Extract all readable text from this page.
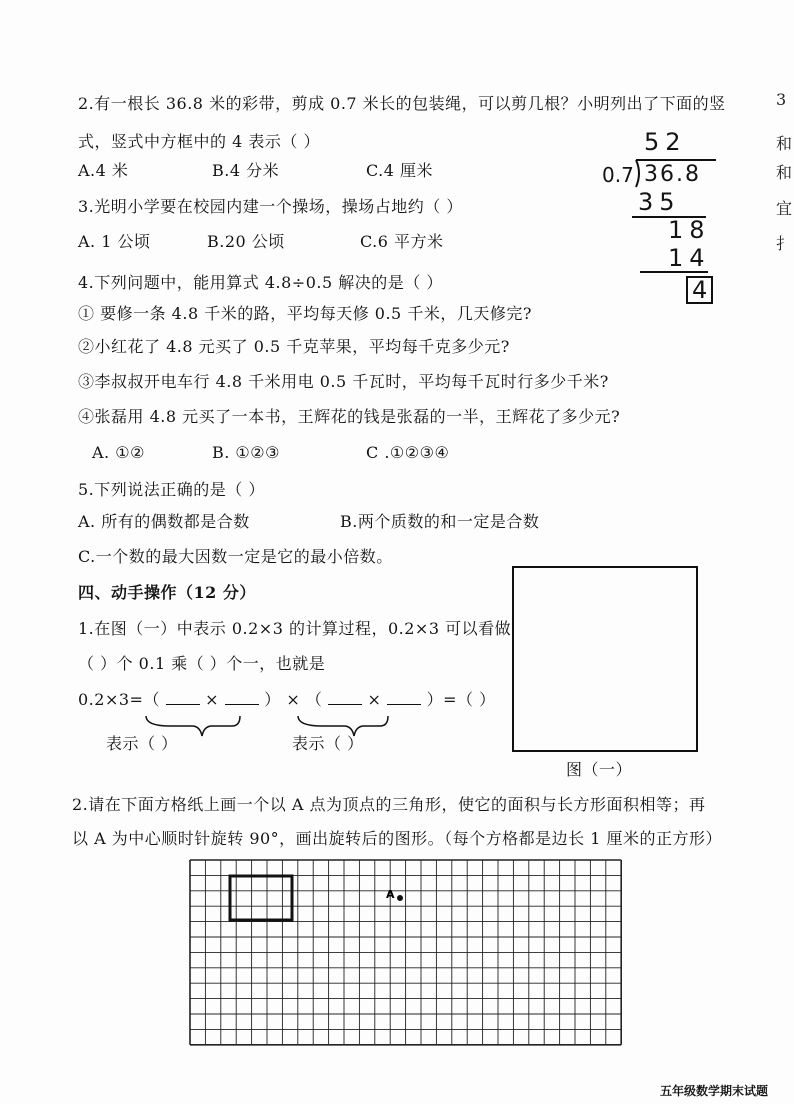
2.有一根长 36.8 米的彩带，剪成 0.7 米长的包装绳，可以剪几根？小明列出了下面的竖
式，竖式中方框中的 4 表示（ ）
A.4 米	B.4 分米	C.4 厘米
52
0.7 36.8
35
18
14
4
3.光明小学要在校园内建一个操场，操场占地约（ ）
A. 1 公顷	B.20 公顷	C.6 平方米
4.下列问题中，能用算式 4.8÷0.5 解决的是（ ）
① 要修一条 4.8 千米的路，平均每天修 0.5 千米，几天修完?
②小红花了 4.8 元买了 0.5 千克苹果，平均每千克多少元?
③李叔叔开电车行 4.8 千米用电 0.5 千瓦时，平均每千瓦时行多少千米?
④张磊用 4.8 元买了一本书，王辉花的钱是张磊的一半，王辉花了多少元?
A. ①②	B. ①②③	C .①②③④
5.下列说法正确的是（ ）
A. 所有的偶数都是合数	B.两个质数的和一定是合数
C.一个数的最大因数一定是它的最小倍数。
四、动手操作（12 分）
1.在图（一）中表示 0.2×3 的计算过程，0.2×3 可以看做
（ ）个 0.1 乘（ ）个一，也就是
0.2×3=（	×	） × （	×	）=（ ）
表示（ ）	表示（ ）
图（一）
2.请在下面方格纸上画一个以 A 点为顶点的三角形，使它的面积与长方形面积相等；再
以 A 为中心顺时针旋转 90°，画出旋转后的图形。（每个方格都是边长 1 厘米的正方形）
A
3
和
和
宜
扌
五年级数学期末试题
